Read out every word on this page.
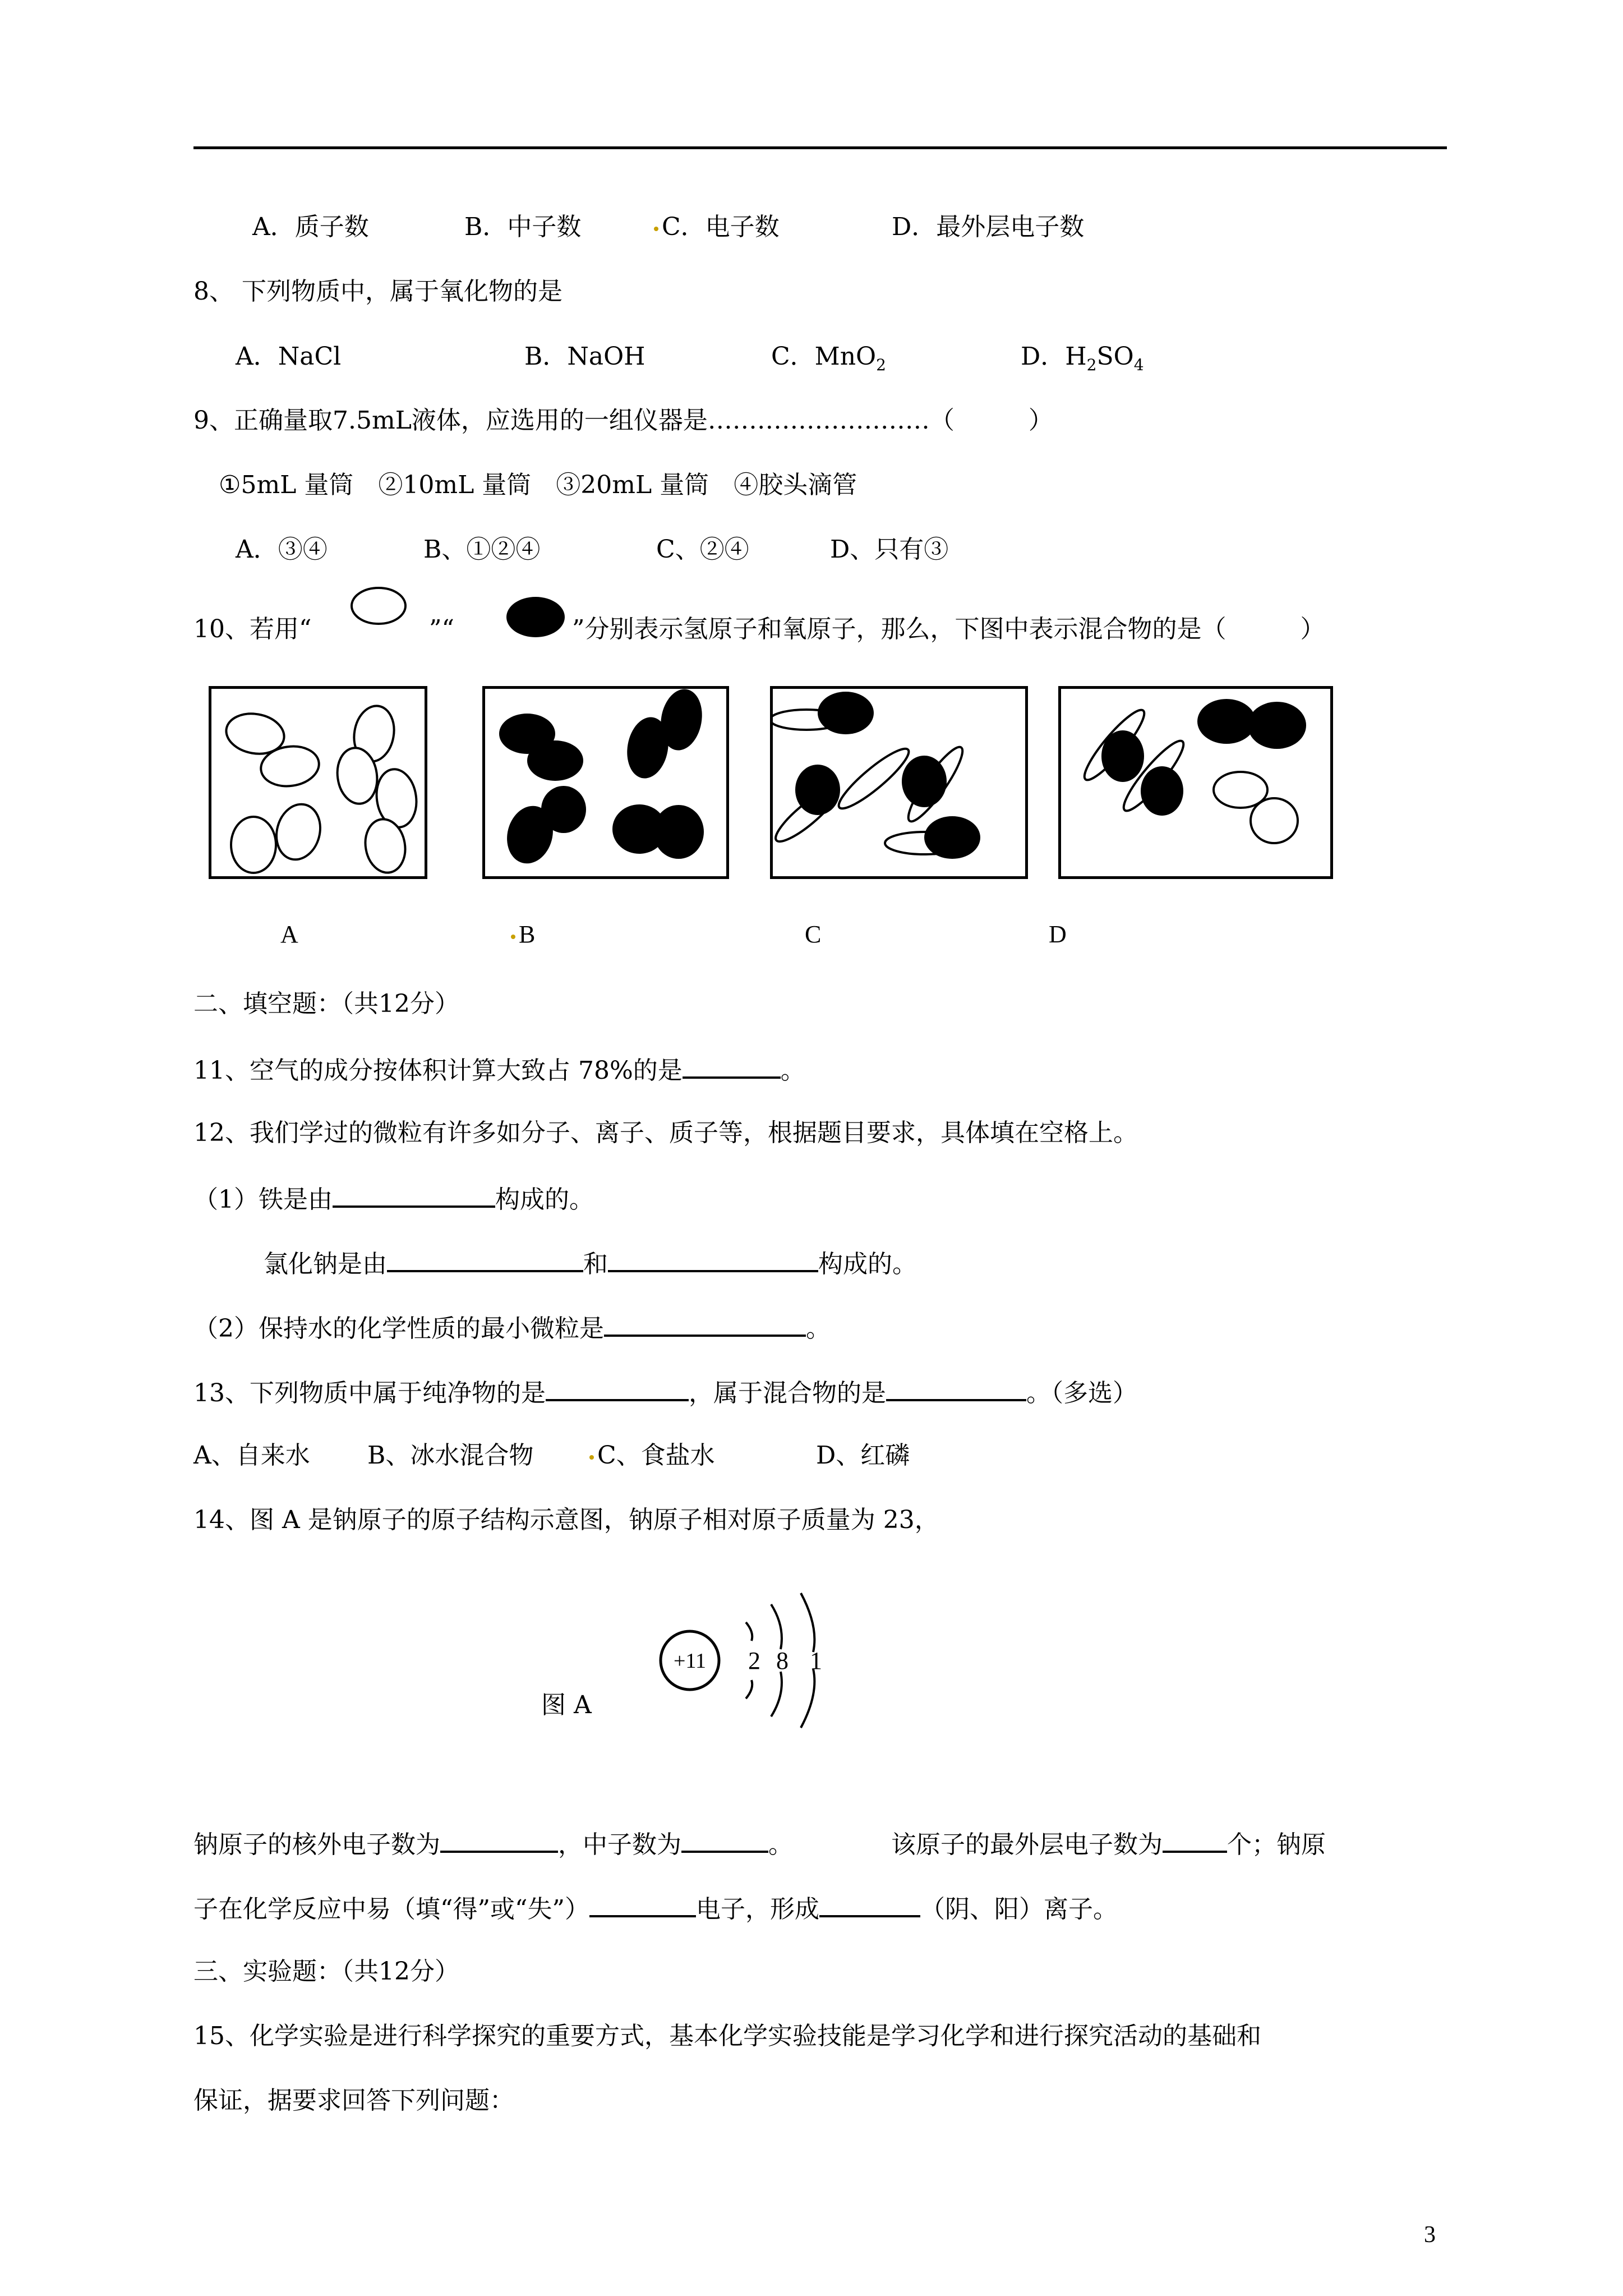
A．质子数	B．中子数	C．电子数	D．最外层电子数
8、 下列物质中，属于氧化物的是
A．NaCl	B．NaOH	C．MnO$_2$	D．$H_2SO_4$
9、正确量取7.5mL液体，应选用的一组仪器是………………………（　　　）
①5mL 量筒　②10mL 量筒　③20mL 量筒　④胶头滴管
A．③④	B、①②④	C、②④	D、只有③
10、若用“	”“	”分别表示氢原子和氧原子，那么，下图中表示混合物的是（　　　）
A	B	C	D
二、填空题：（共12分）
11、空气的成分按体积计算大致占 78%的是	。
12、我们学过的微粒有许多如分子、离子、质子等，根据题目要求，具体填在空格上。
（1）铁是由	构成的。
氯化钠是由	和	构成的。
（2）保持水的化学性质的最小微粒是	。
13、下列物质中属于纯净物的是	，属于混合物的是	。（多选）
A、自来水 B、冰水混合物	C、食盐水	D、红磷
14、图 A 是钠原子的原子结构示意图，钠原子相对原子质量为 23，
图 A
+11 2 8 1
钠原子的核外电子数为	，中子数为	。	该原子的最外层电子数为	个；钠原
子在化学反应中易（填“得”或“失”）	电子，形成	（阴、阳）离子。
三、实验题：（共12分）
15、化学实验是进行科学探究的重要方式，基本化学实验技能是学习化学和进行探究活动的基础和
保证，据要求回答下列问题：
3
